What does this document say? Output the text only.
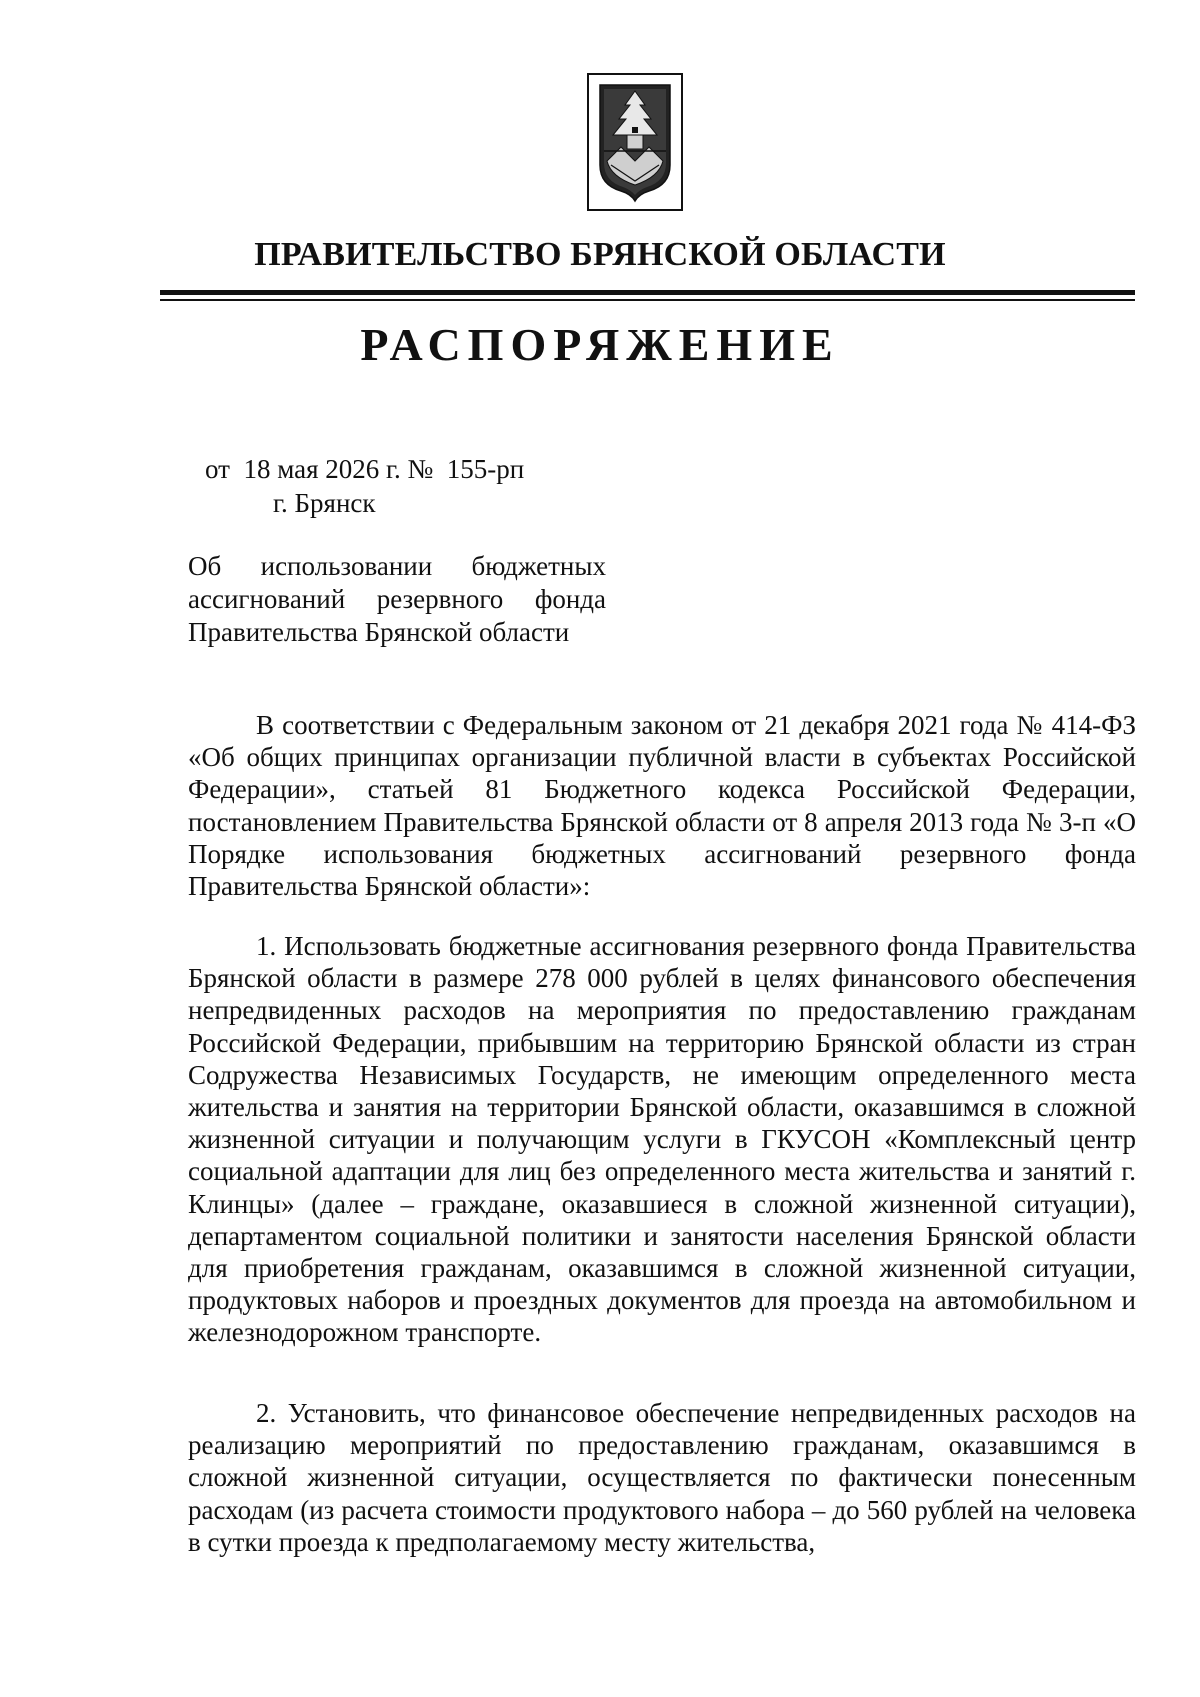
ПРАВИТЕЛЬСТВО БРЯНСКОЙ ОБЛАСТИ
РАСПОРЯЖЕНИЕ
от  18 мая 2026 г. №  155-рп
г. Брянск
Об использовании бюджетных ассигнований резервного фонда Правительства Брянской области

В соответствии с Федеральным законом от 21 декабря 2021 года № 414-ФЗ «Об общих принципах организации публичной власти в субъектах Российской Федерации», статьей 81 Бюджетного кодекса Российской Федерации, постановлением Правительства Брянской области от 8 апреля 2013 года № 3-п «О Порядке использования бюджетных ассигнований резервного фонда Правительства Брянской области»:

1. Использовать бюджетные ассигнования резервного фонда Правительства Брянской области в размере 278 000 рублей в целях финансового обеспечения непредвиденных расходов на мероприятия по предоставлению гражданам Российской Федерации, прибывшим на территорию Брянской области из стран Содружества Независимых Государств, не имеющим определенного места жительства и занятия на территории Брянской области, оказавшимся в сложной жизненной ситуации и получающим услуги в ГКУСОН «Комплексный центр социальной адаптации для лиц без определенного места жительства и занятий г. Клинцы» (далее – граждане, оказавшиеся в сложной жизненной ситуации), департаментом социальной политики и занятости населения Брянской области для приобретения гражданам, оказавшимся в сложной жизненной ситуации, продуктовых наборов и проездных документов для проезда на автомобильном и железнодорожном транспорте.

2. Установить, что финансовое обеспечение непредвиденных расходов на реализацию мероприятий по предоставлению гражданам, оказавшимся в сложной жизненной ситуации, осуществляется по фактически понесенным расходам (из расчета стоимости продуктового набора – до 560 рублей на человека в сутки проезда к предполагаемому месту жительства,
